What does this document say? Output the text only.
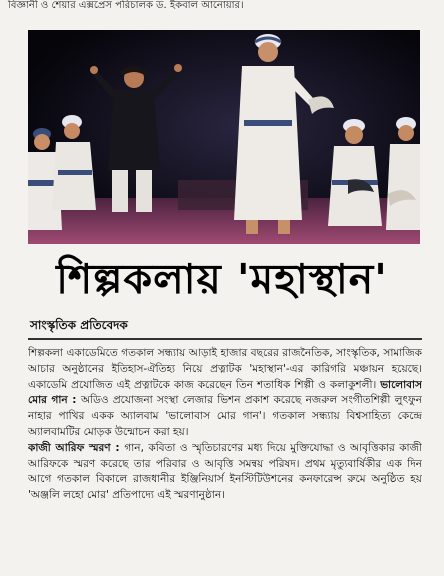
বিজ্ঞানী ও শেয়ার এক্সপ্রেস পরিচালক ড. ইকবাল আনোয়ার।
শিল্পকলায় 'মহাস্থান'
সাংস্কৃতিক প্রতিবেদক

শিল্পকলা একাডেমিতে গতকাল সন্ধ্যায় আড়াই হাজার বছরের রাজনৈতিক, সাংস্কৃতিক, সামাজিক আচার অনুষ্ঠানের ইতিহাস-ঐতিহ্য নিয়ে প্রত্নাটক 'মহাস্থান'-এর কারিগরি মঞ্চায়ন হয়েছে। একাডেমি প্রযোজিত এই প্রত্নাটকে কাজ করেছেন তিন শতাধিক শিল্পী ও কলাকুশলী। ভালোবাস মোর গান : অডিও প্রযোজনা সংস্থা লেজার ভিশন প্রকাশ করেছে নজরুল সংগীতশিল্পী লুৎফুন নাহার পাখির একক অ্যালবাম 'ভালোবাস মোর গান'। গতকাল সন্ধ্যায় বিশ্বসাহিত্য কেন্দ্রে অ্যালবামটির মোড়ক উন্মোচন করা হয়।

কাজী আরিফ স্মরণ : গান, কবিতা ও স্মৃতিচারণের মধ্য দিয়ে মুক্তিযোদ্ধা ও আবৃত্তিকার কাজী আরিফকে স্মরণ করেছে তার পরিবার ও আবৃত্তি সমন্বয় পরিষদ। প্রথম মৃত্যুবার্ষিকীর এক দিন আগে গতকাল বিকালে রাজধানীর ইঞ্জিনিয়ার্স ইনস্টিটিউশনের কনফারেন্স রুমে অনুষ্ঠিত হয় 'অঞ্জলি লহো মোর' প্রতিপাদ্যে এই স্মরণানুষ্ঠান।
